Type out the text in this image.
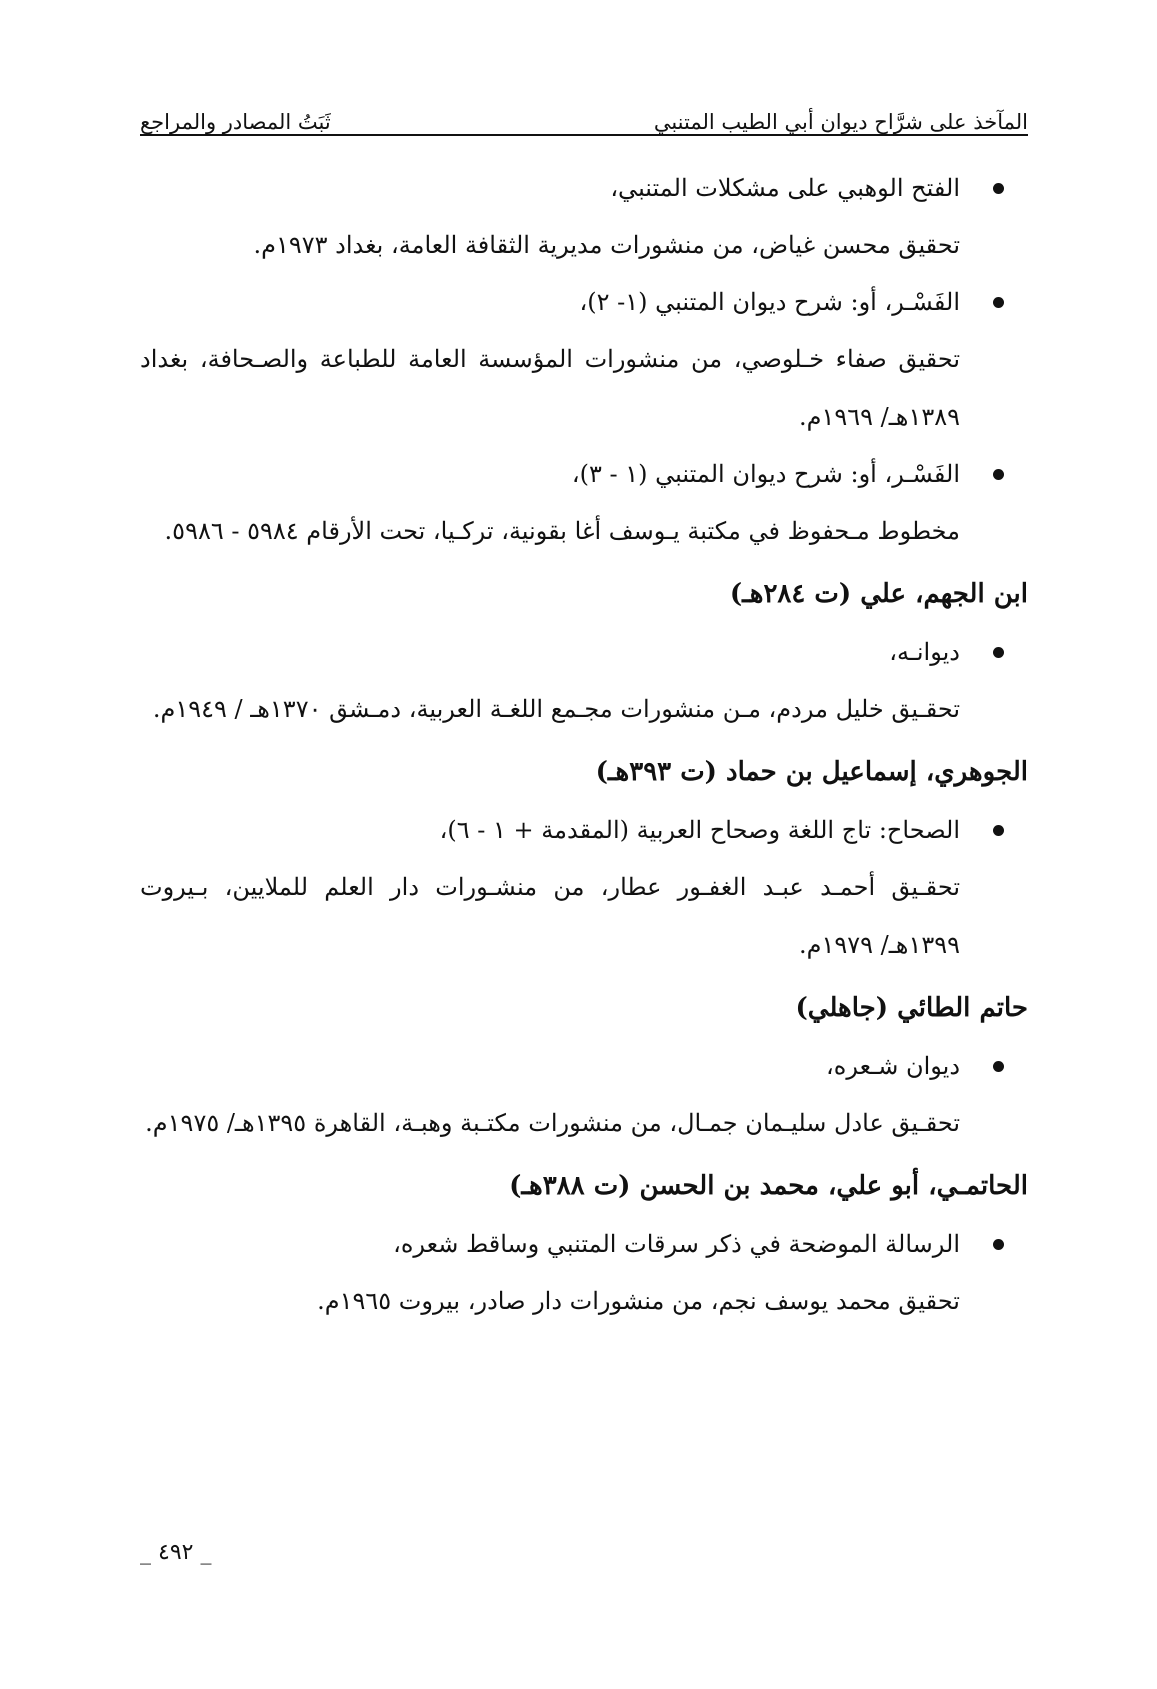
المآخذ على شرَّاح ديوان أبي الطيب المتنبي
ثَبَتُ المصادر والمراجع
الفتح الوهبي على مشكلات المتنبي،
تحقيق محسن غياض، من منشورات مديرية الثقافة العامة، بغداد ١٩٧٣م.
الفَسْـر، أو: شرح ديوان المتنبي (١- ٢)،
تحقيق صفاء خـلوصي، من منشورات المؤسسة العامة للطباعة والصـحافة، بغداد ١٣٨٩هـ/ ١٩٦٩م.
الفَسْـر، أو: شرح ديوان المتنبي (١ - ٣)،
مخطوط مـحفوظ في مكتبة يـوسف أغا بقونية، تركـيا، تحت الأرقام ٥٩٨٤ - ٥٩٨٦.
ابن الجهم، علي (ت ٢٨٤هـ)
ديوانـه،
تحقـيق خليل مردم، مـن منشورات مجـمع اللغـة العربية، دمـشق ١٣٧٠هـ / ١٩٤٩م.
الجوهري، إسماعيل بن حماد (ت ٣٩٣هـ)
الصحاح: تاج اللغة وصحاح العربية (المقدمة + ١ - ٦)،
تحقـيق أحمـد عبـد الغفـور عطار، من منشـورات دار العلم للملايين، بـيروت ١٣٩٩هـ/ ١٩٧٩م.
حاتم الطائي (جاهلي)
ديوان شـعره،
تحقـيق عادل سليـمان جمـال، من منشورات مكتـبة وهبـة، القاهرة ١٣٩٥هـ/ ١٩٧٥م.
الحاتمـي، أبو علي، محمد بن الحسن (ت ٣٨٨هـ)
الرسالة الموضحة في ذكر سرقات المتنبي وساقط شعره،
تحقيق محمد يوسف نجم، من منشورات دار صادر، بيروت ١٩٦٥م.
_ ٤٩٢ _
